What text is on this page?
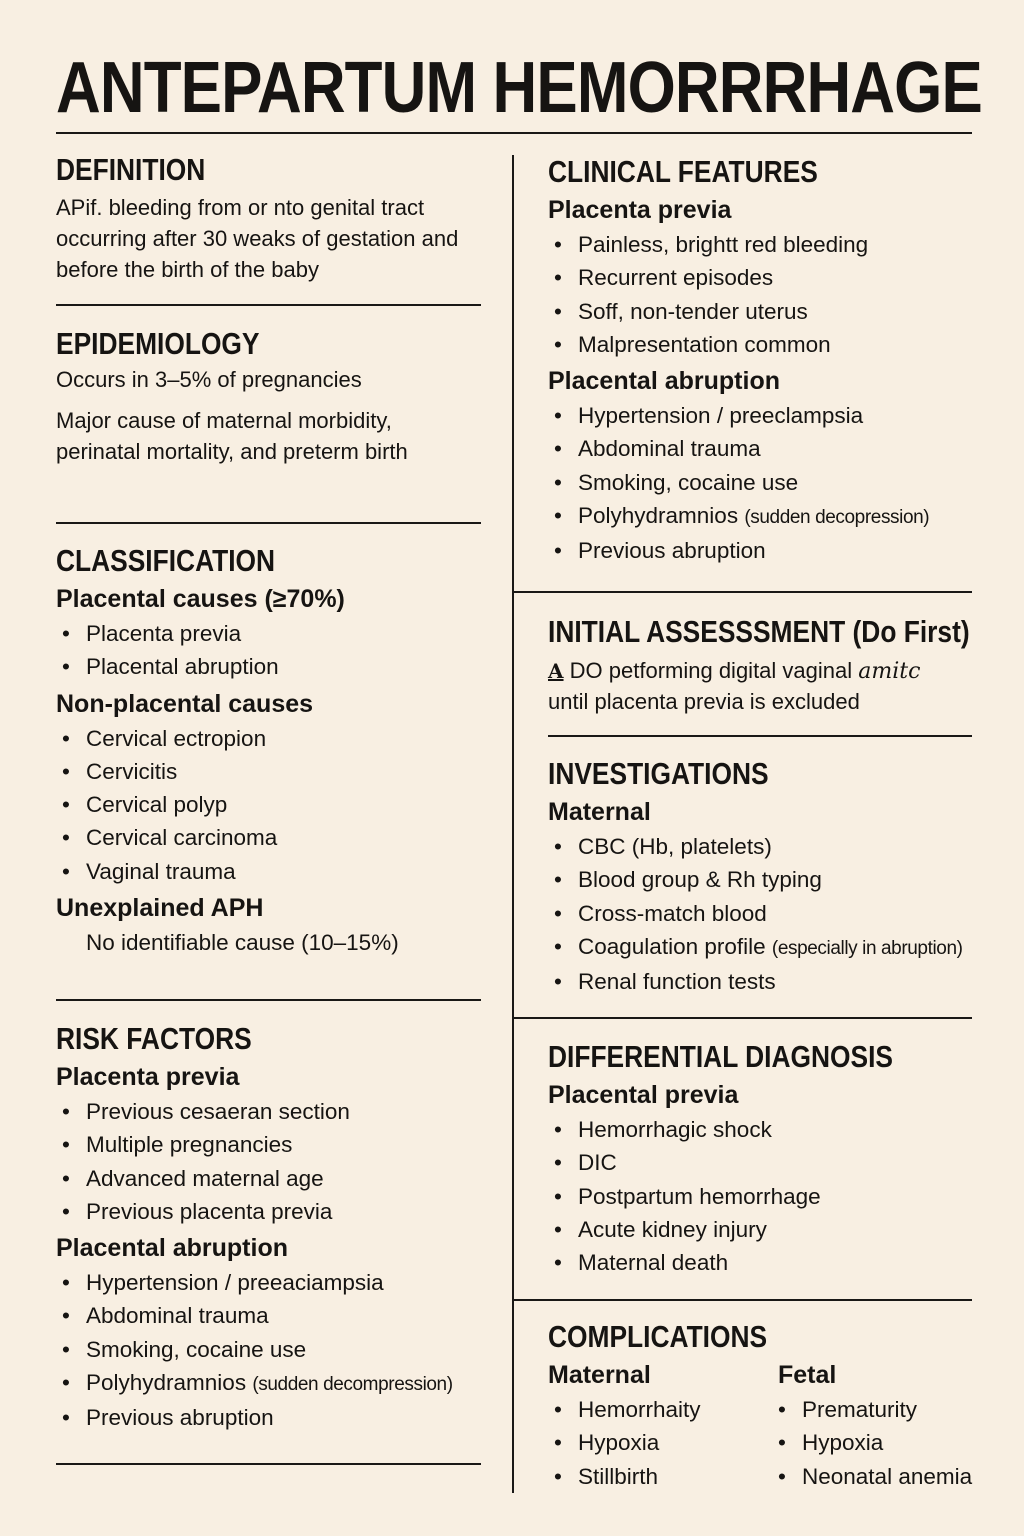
ANTEPARTUM HEMORRRHAGE
DEFINITION

APif. bleeding from or nto genital tract occurring after 30 weaks of gestation and before the birth of the baby

EPIDEMIOLOGY

Occurs in 3–5% of pregnancies

Major cause of maternal morbidity, perinatal mortality, and preterm birth

CLASSIFICATION
Placental causes (≥70%)
• Placenta previa
• Placental abruption
Non-placental causes
• Cervical ectropion
• Cervicitis
• Cervical polyp
• Cervical carcinoma
• Vaginal trauma
Unexplained APH
No identifiable cause (10–15%)
RISK FACTORS
Placenta previa
• Previous cesaeran section
• Multiple pregnancies
• Advanced maternal age
• Previous placenta previa
Placental abruption
• Hypertension / preeaciampsia
• Abdominal trauma
• Smoking, cocaine use
• Polyhydramnios (sudden decompression)
• Previous abruption
CLINICAL FEATURES
Placenta previa
• Painless, brightt red bleeding
• Recurrent episodes
• Soff, non-tender uterus
• Malpresentation common
Placental abruption
• Hypertension / preeclampsia
• Abdominal trauma
• Smoking, cocaine use
• Polyhydramnios (sudden decopression)
• Previous abruption
INITIAL ASSESSSMENT (Do First)

A DO petforming digital vaginal amitc
until placenta previa is excluded

INVESTIGATIONS
Maternal
• CBC (Hb, platelets)
• Blood group & Rh typing
• Cross-match blood
• Coagulation profile (especially in abruption)
• Renal function tests
DIFFERENTIAL DIAGNOSIS
Placental previa
• Hemorrhagic shock
• DIC
• Postpartum hemorrhage
• Acute kidney injury
• Maternal death
COMPLICATIONS
Maternal
• Hemorrhaity
• Hypoxia
• Stillbirth
Fetal
• Prematurity
• Hypoxia
• Neonatal anemia
